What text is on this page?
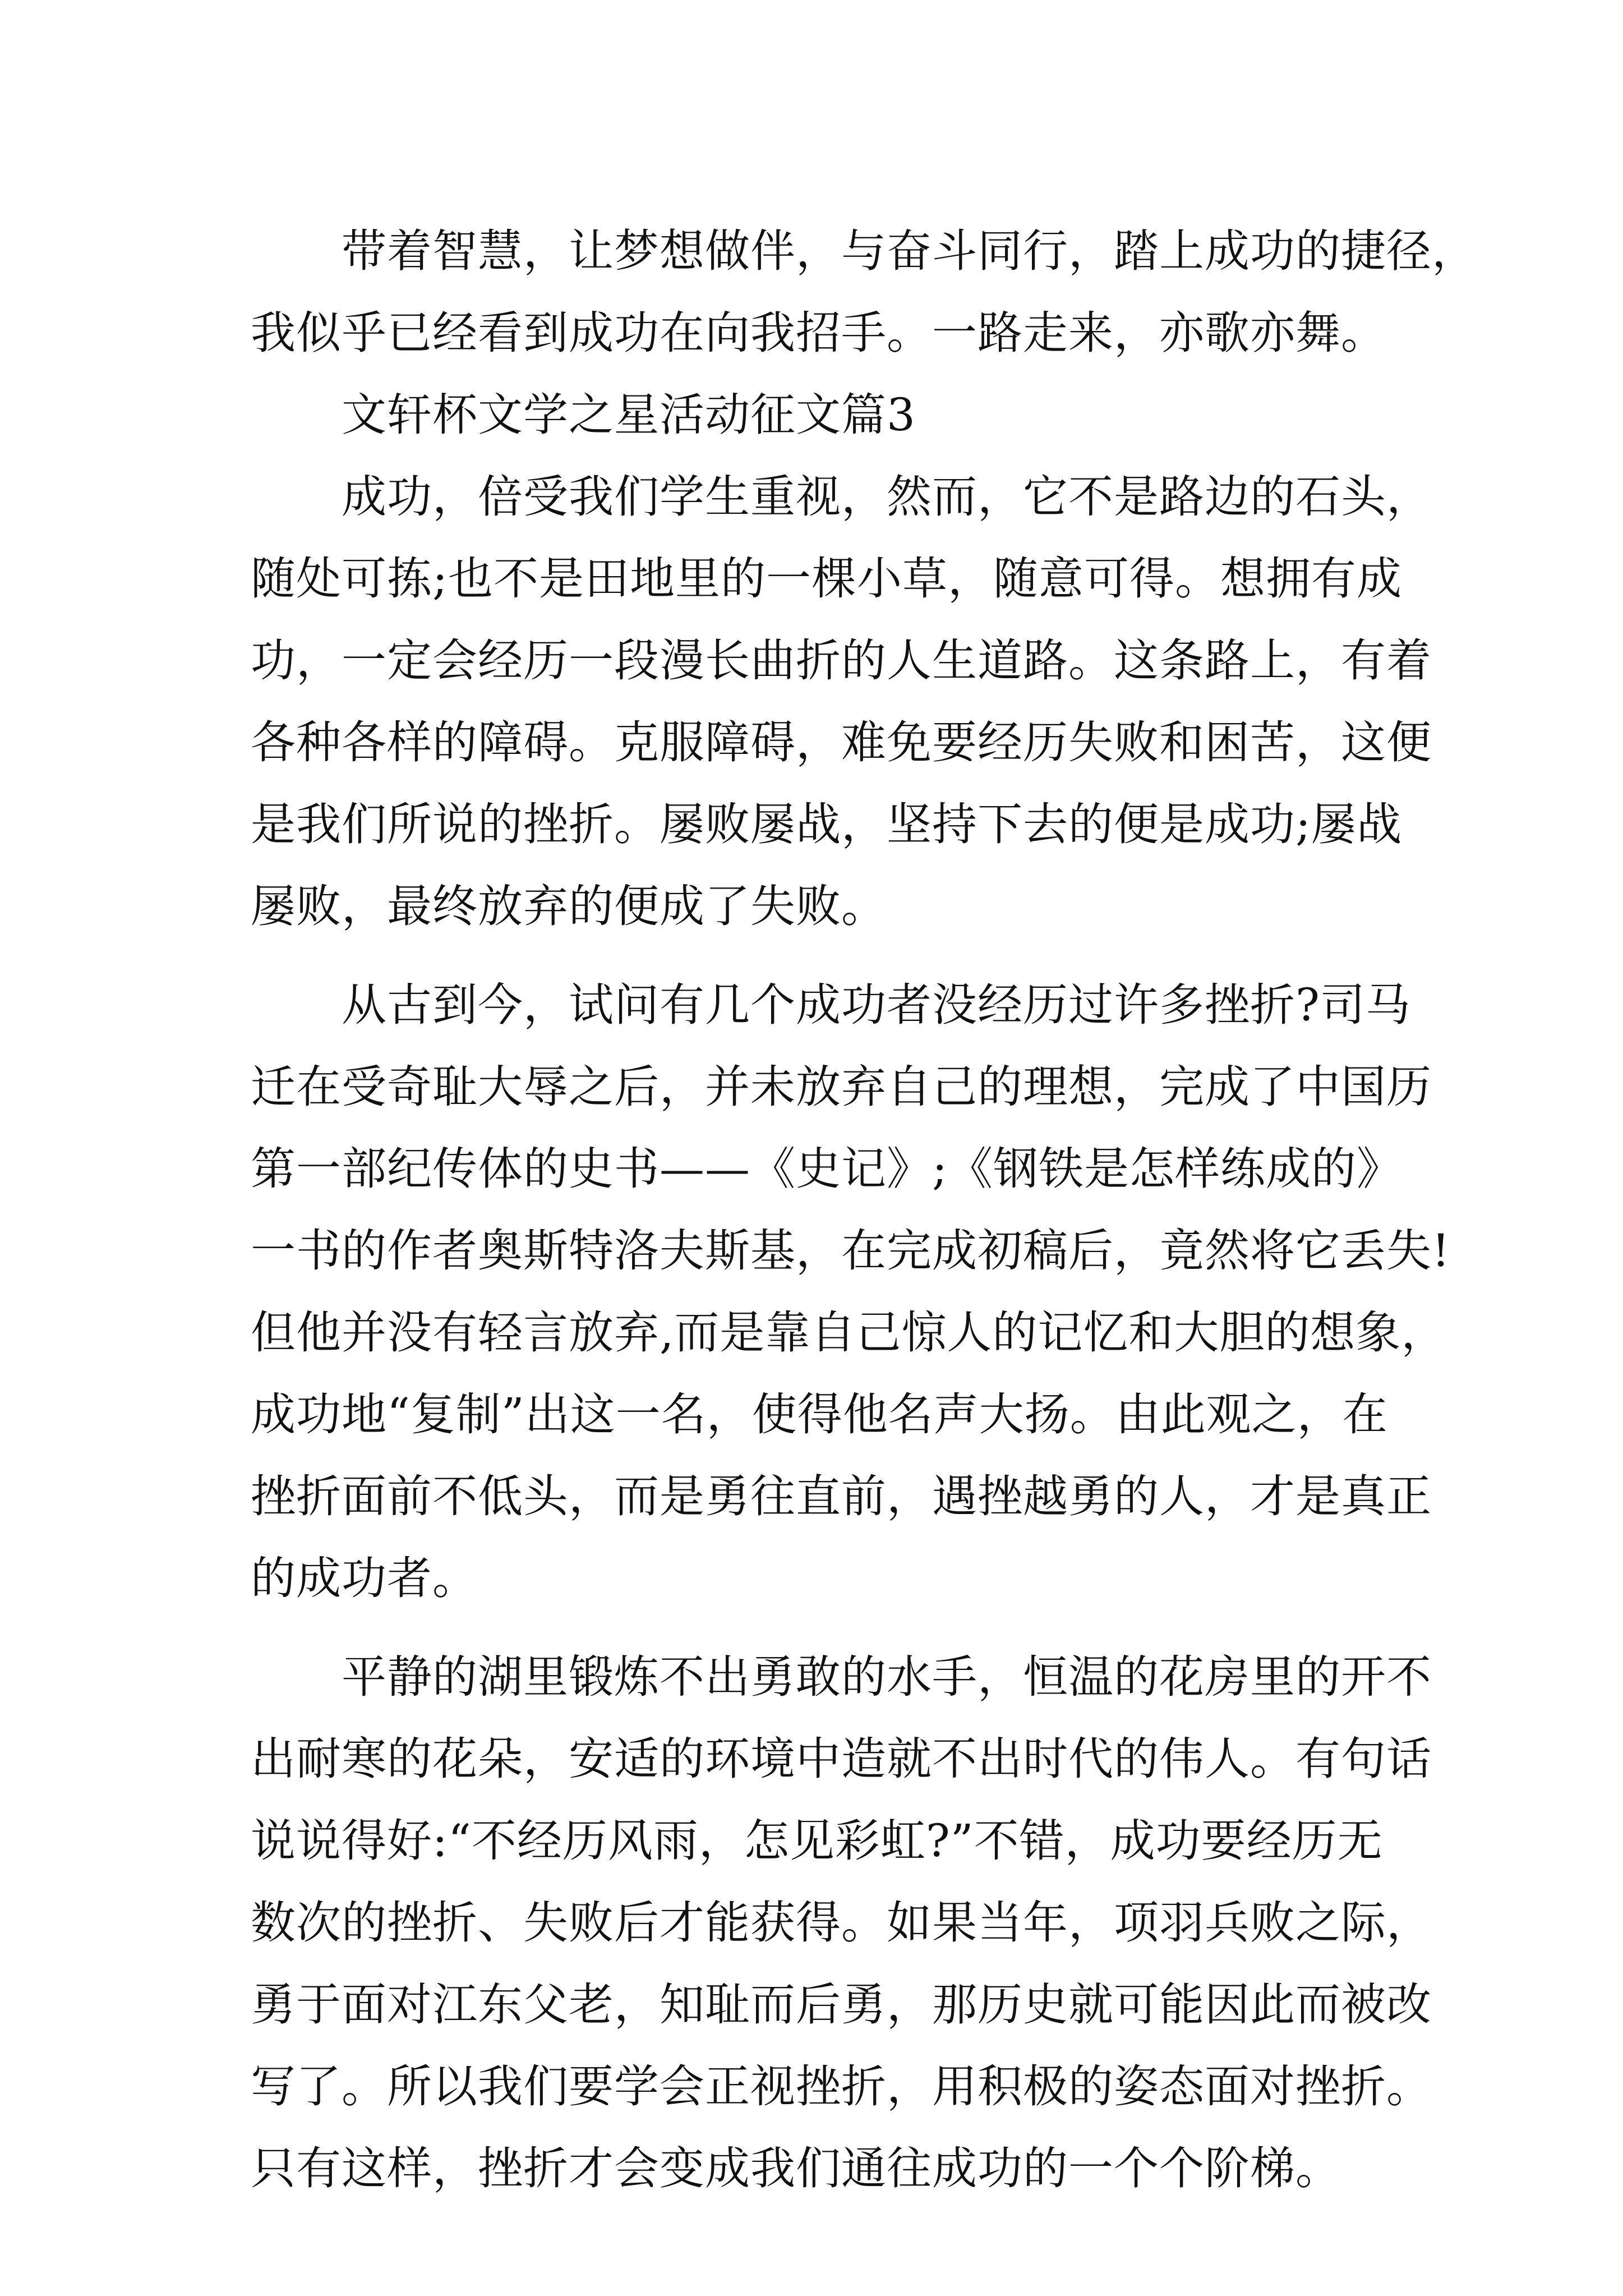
带着智慧，让梦想做伴，与奋斗同行，踏上成功的捷径，
我似乎已经看到成功在向我招手。一路走来，亦歌亦舞。
文轩杯文学之星活动征文篇3
成功，倍受我们学生重视，然而，它不是路边的石头，
随处可拣;也不是田地里的一棵小草，随意可得。想拥有成
功，一定会经历一段漫长曲折的人生道路。这条路上，有着
各种各样的障碍。克服障碍，难免要经历失败和困苦，这便
是我们所说的挫折。屡败屡战，坚持下去的便是成功;屡战
屡败，最终放弃的便成了失败。
从古到今，试问有几个成功者没经历过许多挫折?司马
迁在受奇耻大辱之后，并未放弃自己的理想，完成了中国历
第一部纪传体的史书——《史记》;《钢铁是怎样练成的》
一书的作者奥斯特洛夫斯基，在完成初稿后，竟然将它丢失!
但他并没有轻言放弃,而是靠自己惊人的记忆和大胆的想象，
成功地“复制”出这一名，使得他名声大扬。由此观之，在
挫折面前不低头，而是勇往直前，遇挫越勇的人，才是真正
的成功者。
平静的湖里锻炼不出勇敢的水手，恒温的花房里的开不
出耐寒的花朵，安适的环境中造就不出时代的伟人。有句话
说说得好:“不经历风雨，怎见彩虹?”不错，成功要经历无
数次的挫折、失败后才能获得。如果当年，项羽兵败之际，
勇于面对江东父老，知耻而后勇，那历史就可能因此而被改
写了。所以我们要学会正视挫折，用积极的姿态面对挫折。
只有这样，挫折才会变成我们通往成功的一个个阶梯。
